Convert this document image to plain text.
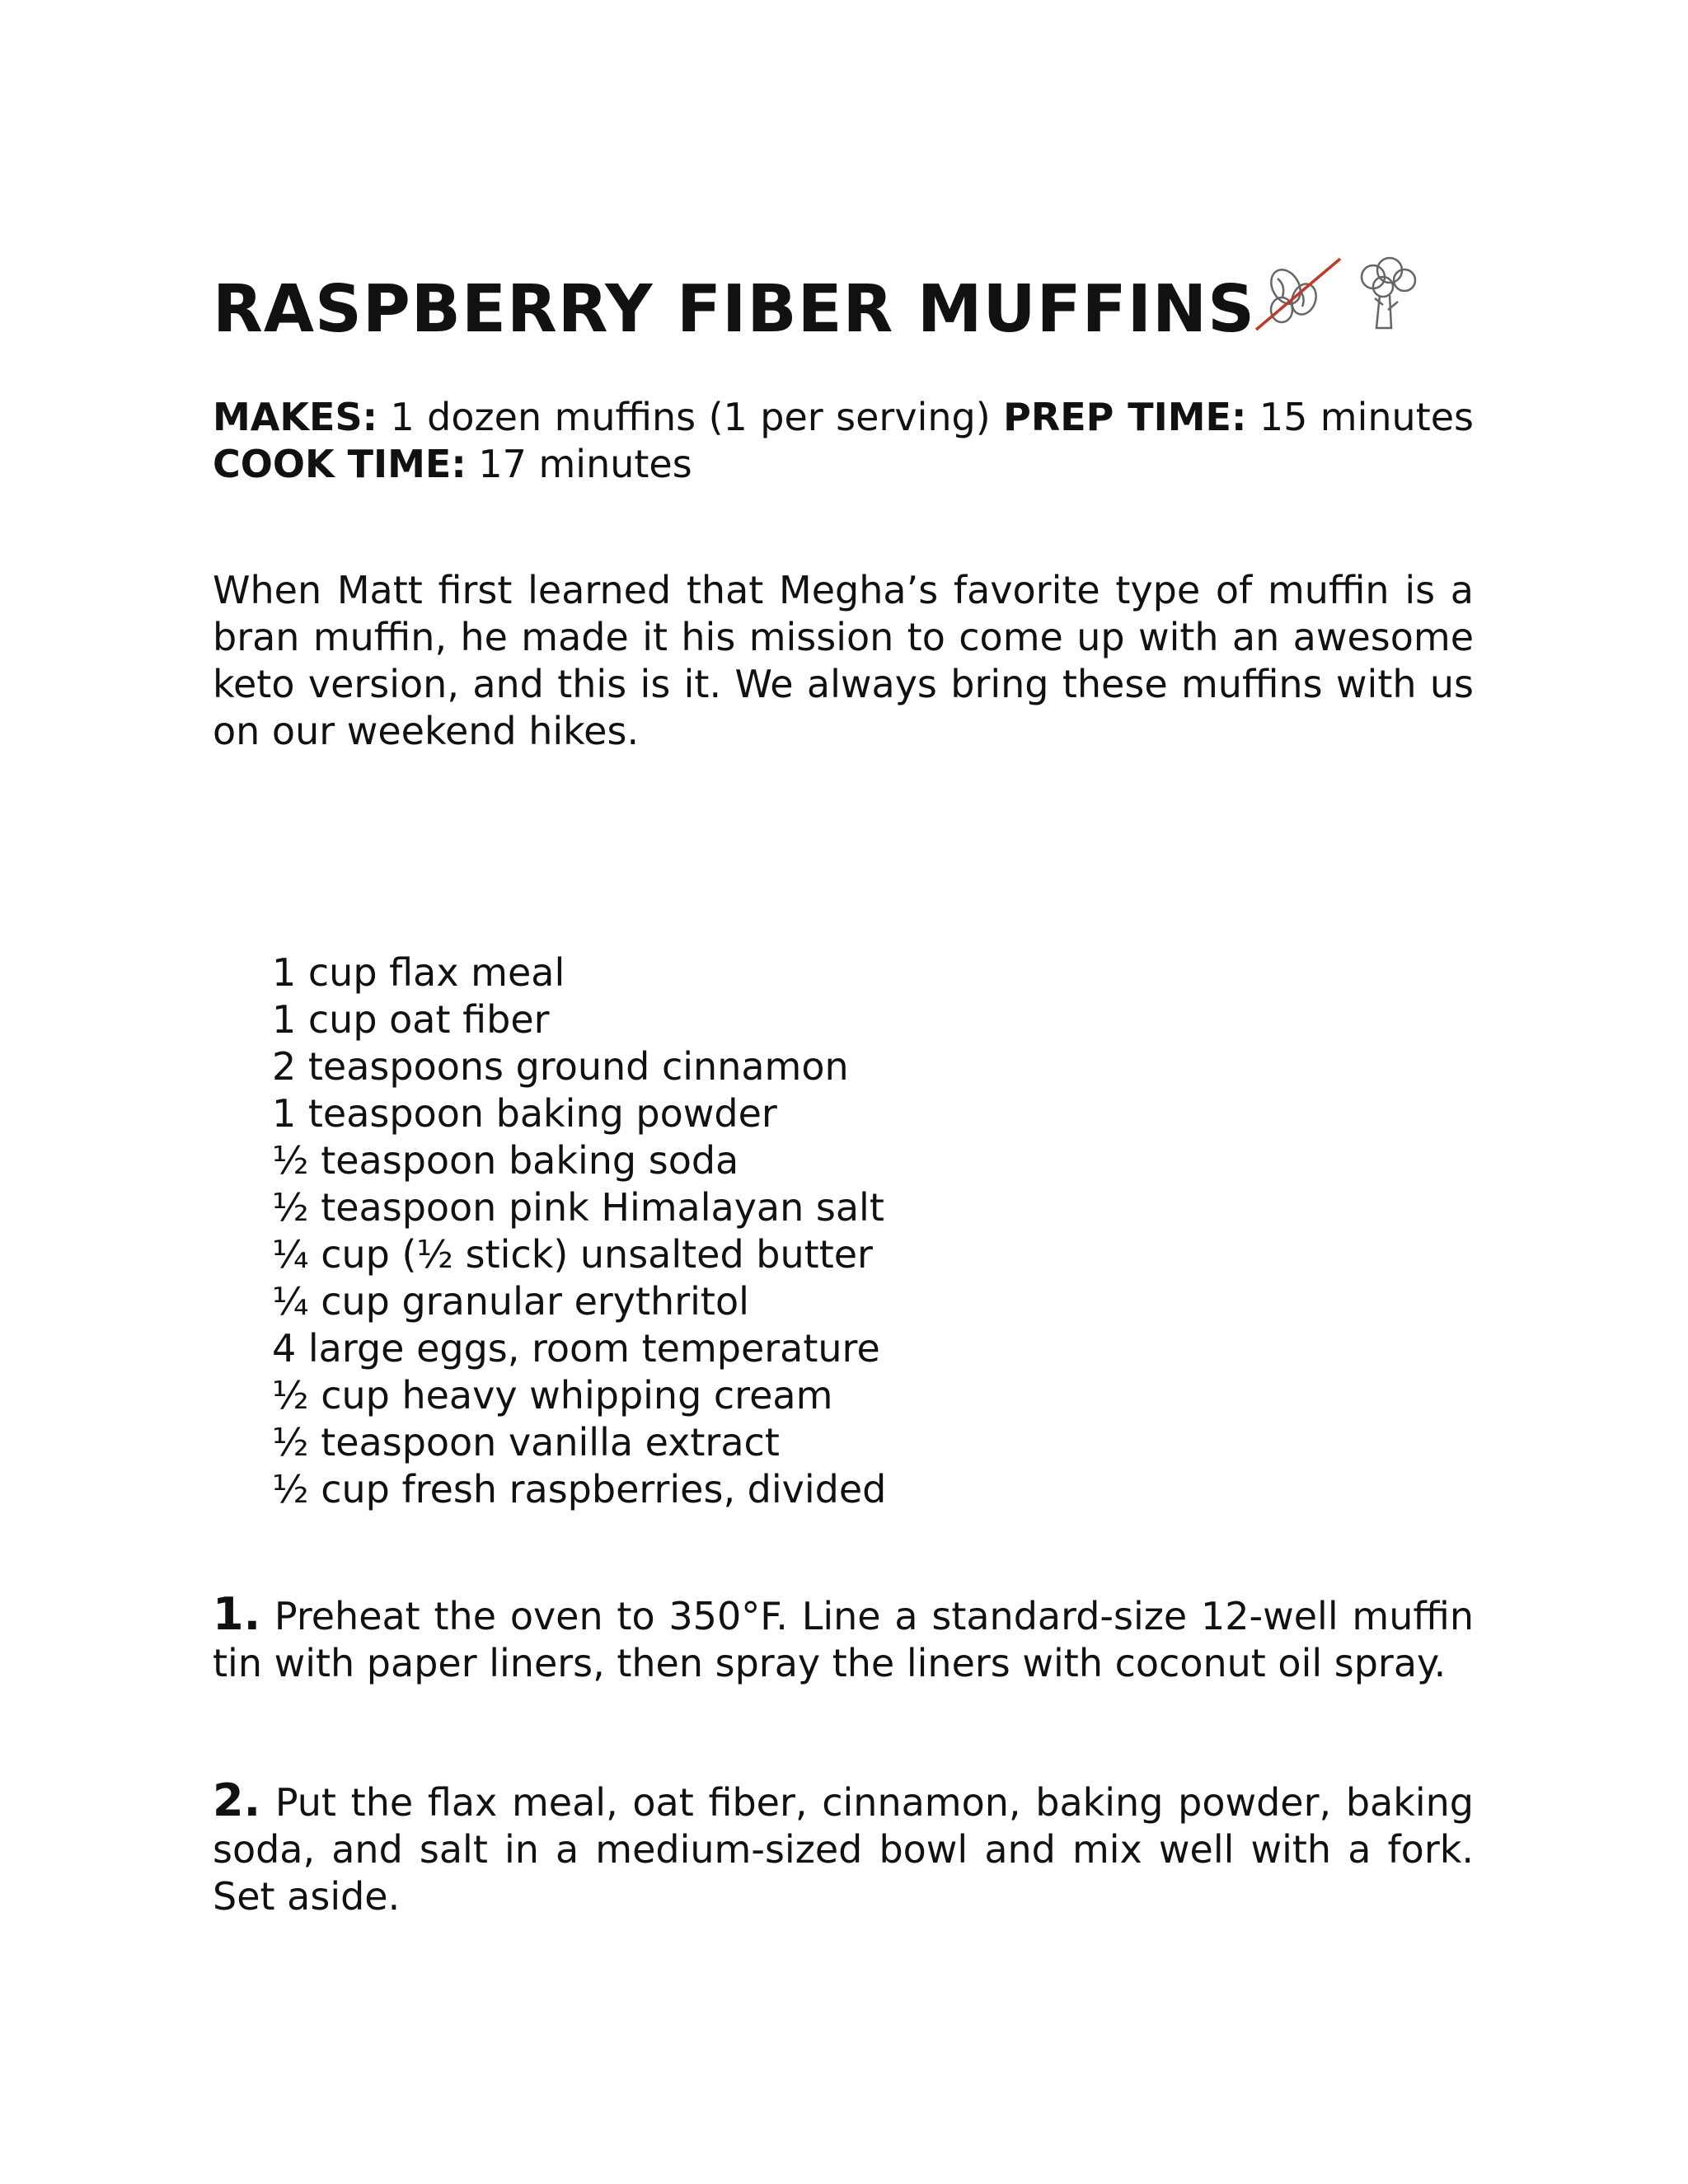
RASPBERRY FIBER MUFFINS

MAKES: 1 dozen muffins (1 per serving) PREP TIME: 15 minutes COOK TIME: 17 minutes

When Matt first learned that Megha’s favorite type of muffin is a bran muffin, he made it his mission to come up with an awesome keto version, and this is it. We always bring these muffins with us on our weekend hikes.

1 cup flax meal
1 cup oat fiber
2 teaspoons ground cinnamon
1 teaspoon baking powder
½ teaspoon baking soda
½ teaspoon pink Himalayan salt
¼ cup (½ stick) unsalted butter
¼ cup granular erythritol
4 large eggs, room temperature
½ cup heavy whipping cream
½ teaspoon vanilla extract
½ cup fresh raspberries, divided

1. Preheat the oven to 350°F. Line a standard-size 12-well muffin tin with paper liners, then spray the liners with coconut oil spray.

2. Put the flax meal, oat fiber, cinnamon, baking powder, baking soda, and salt in a medium-sized bowl and mix well with a fork. Set aside.
